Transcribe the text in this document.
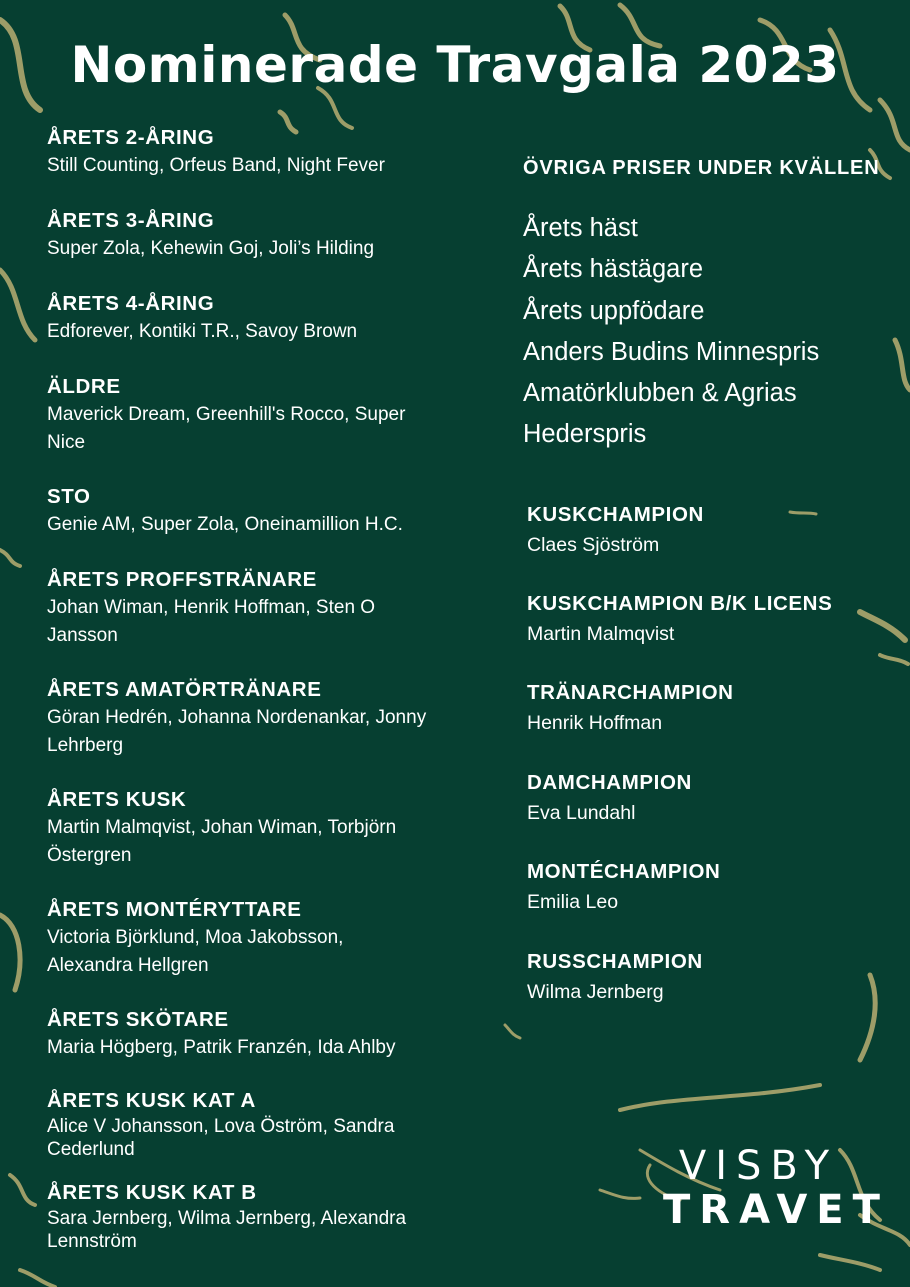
Nominerade Travgala 2023
ÅRETS 2-ÅRING
Still Counting, Orfeus Band, Night Fever
ÅRETS 3-ÅRING
Super Zola, Kehewin Goj, Joli’s Hilding
ÅRETS 4-ÅRING
Edforever, Kontiki T.R., Savoy Brown
ÄLDRE
Maverick Dream, Greenhill's Rocco, Super Nice
STO
Genie AM, Super Zola, Oneinamillion H.C.
ÅRETS PROFFSTRÄNARE
Johan Wiman, Henrik Hoffman, Sten O Jansson
ÅRETS AMATÖRTRÄNARE
Göran Hedrén, Johanna Nordenankar, Jonny Lehrberg
ÅRETS KUSK
Martin Malmqvist, Johan Wiman, Torbjörn Östergren
ÅRETS MONTÉRYTTARE
Victoria Björklund, Moa Jakobsson, Alexandra Hellgren
ÅRETS SKÖTARE
Maria Högberg, Patrik Franzén, Ida Ahlby
ÅRETS KUSK KAT A
Alice V Johansson, Lova Öström, Sandra Cederlund
ÅRETS KUSK KAT B
Sara Jernberg, Wilma Jernberg, Alexandra Lennström
ÖVRIGA PRISER UNDER KVÄLLEN
Årets häst
Årets hästägare
Årets uppfödare
Anders Budins Minnespris
Amatörklubben & Agrias
Hederspris
KUSKCHAMPION
Claes Sjöström
KUSKCHAMPION B/K LICENS
Martin Malmqvist
TRÄNARCHAMPION
Henrik Hoffman
DAMCHAMPION
Eva Lundahl
MONTÉCHAMPION
Emilia Leo
RUSSCHAMPION
Wilma Jernberg
VISBY
TRAVET
